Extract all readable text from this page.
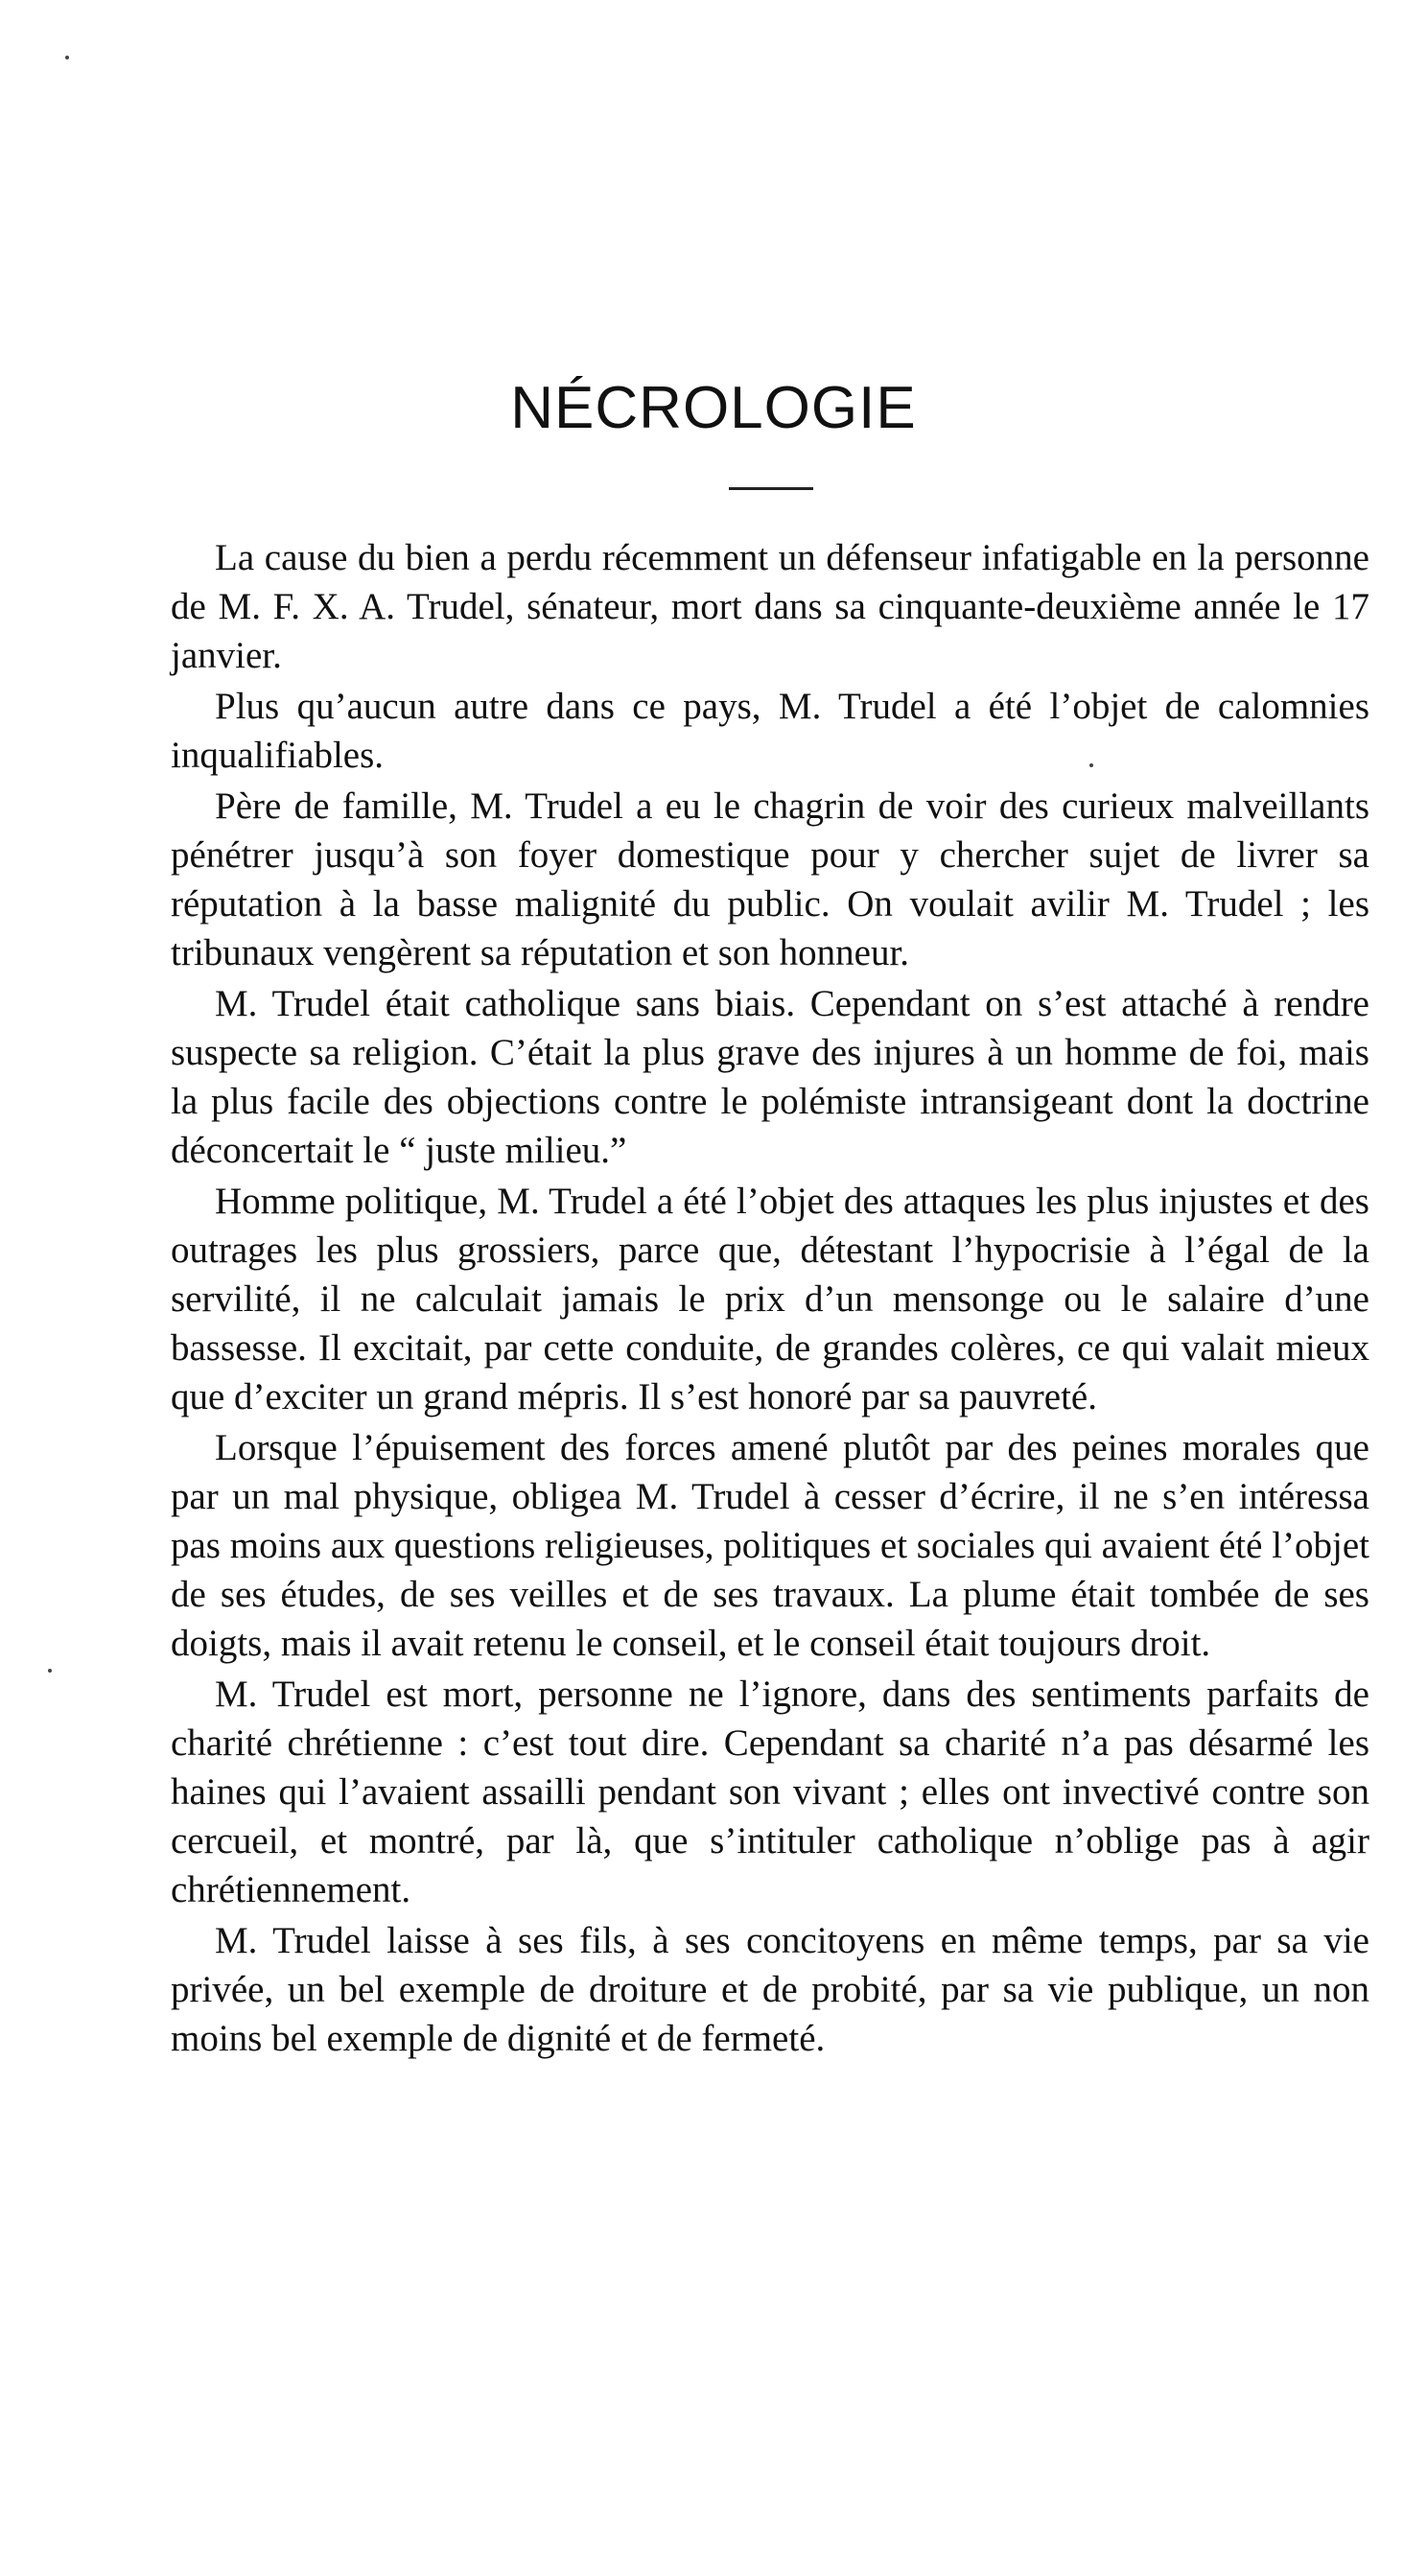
NÉCROLOGIE

La cause du bien a perdu récemment un défenseur infatigable en la personne de M. F. X. A. Trudel, sénateur, mort dans sa cinquante-deuxième année le 17 janvier.

Plus qu’aucun autre dans ce pays, M. Trudel a été l’objet de calomnies inqualifiables.

Père de famille, M. Trudel a eu le chagrin de voir des curieux malveillants pénétrer jusqu’à son foyer domestique pour y chercher sujet de livrer sa réputation à la basse malignité du public. On voulait avilir M. Trudel ; les tribunaux vengèrent sa réputation et son honneur.

M. Trudel était catholique sans biais. Cependant on s’est attaché à rendre suspecte sa religion. C’était la plus grave des injures à un homme de foi, mais la plus facile des objections contre le polémiste intransigeant dont la doctrine déconcertait le “ juste milieu.”

Homme politique, M. Trudel a été l’objet des attaques les plus injustes et des outrages les plus grossiers, parce que, détestant l’hypocrisie à l’égal de la servilité, il ne calculait jamais le prix d’un mensonge ou le salaire d’une bassesse. Il excitait, par cette conduite, de grandes colères, ce qui valait mieux que d’exciter un grand mépris. Il s’est honoré par sa pauvreté.

Lorsque l’épuisement des forces amené plutôt par des peines morales que par un mal physique, obligea M. Trudel à cesser d’écrire, il ne s’en intéressa pas moins aux questions religieuses, politiques et sociales qui avaient été l’objet de ses études, de ses veilles et de ses travaux. La plume était tombée de ses doigts, mais il avait retenu le conseil, et le conseil était toujours droit.

M. Trudel est mort, personne ne l’ignore, dans des sentiments parfaits de charité chrétienne : c’est tout dire. Cependant sa charité n’a pas désarmé les haines qui l’avaient assailli pendant son vivant ; elles ont invectivé contre son cercueil, et montré, par là, que s’intituler catholique n’oblige pas à agir chrétiennement.

M. Trudel laisse à ses fils, à ses concitoyens en même temps, par sa vie privée, un bel exemple de droiture et de probité, par sa vie publique, un non moins bel exemple de dignité et de fermeté.
